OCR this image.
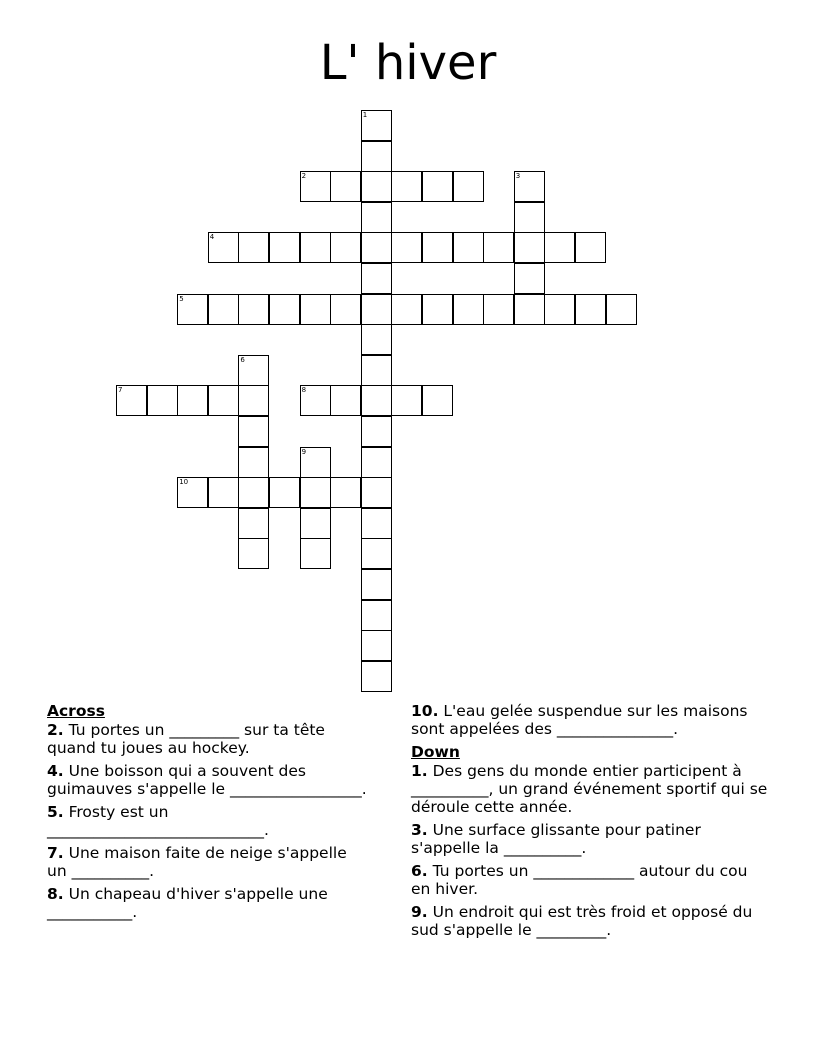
L' hiver
1
2	3
4
5
6
7	8
9
10
Across
2. Tu portes un _________ sur ta tête quand tu joues au hockey.
4. Une boisson qui a souvent des guimauves s'appelle le _________________.
5. Frosty est un ____________________________.
7. Une maison faite de neige s'appelle un __________.
8. Un chapeau d'hiver s'appelle une ___________.
10. L'eau gelée suspendue sur les maisons sont appelées des _______________.
Down
1. Des gens du monde entier participent à __________, un grand événement sportif qui se déroule cette année.
3. Une surface glissante pour patiner s'appelle la __________.
6. Tu portes un _____________ autour du cou en hiver.
9. Un endroit qui est très froid et opposé du sud s'appelle le _________.
